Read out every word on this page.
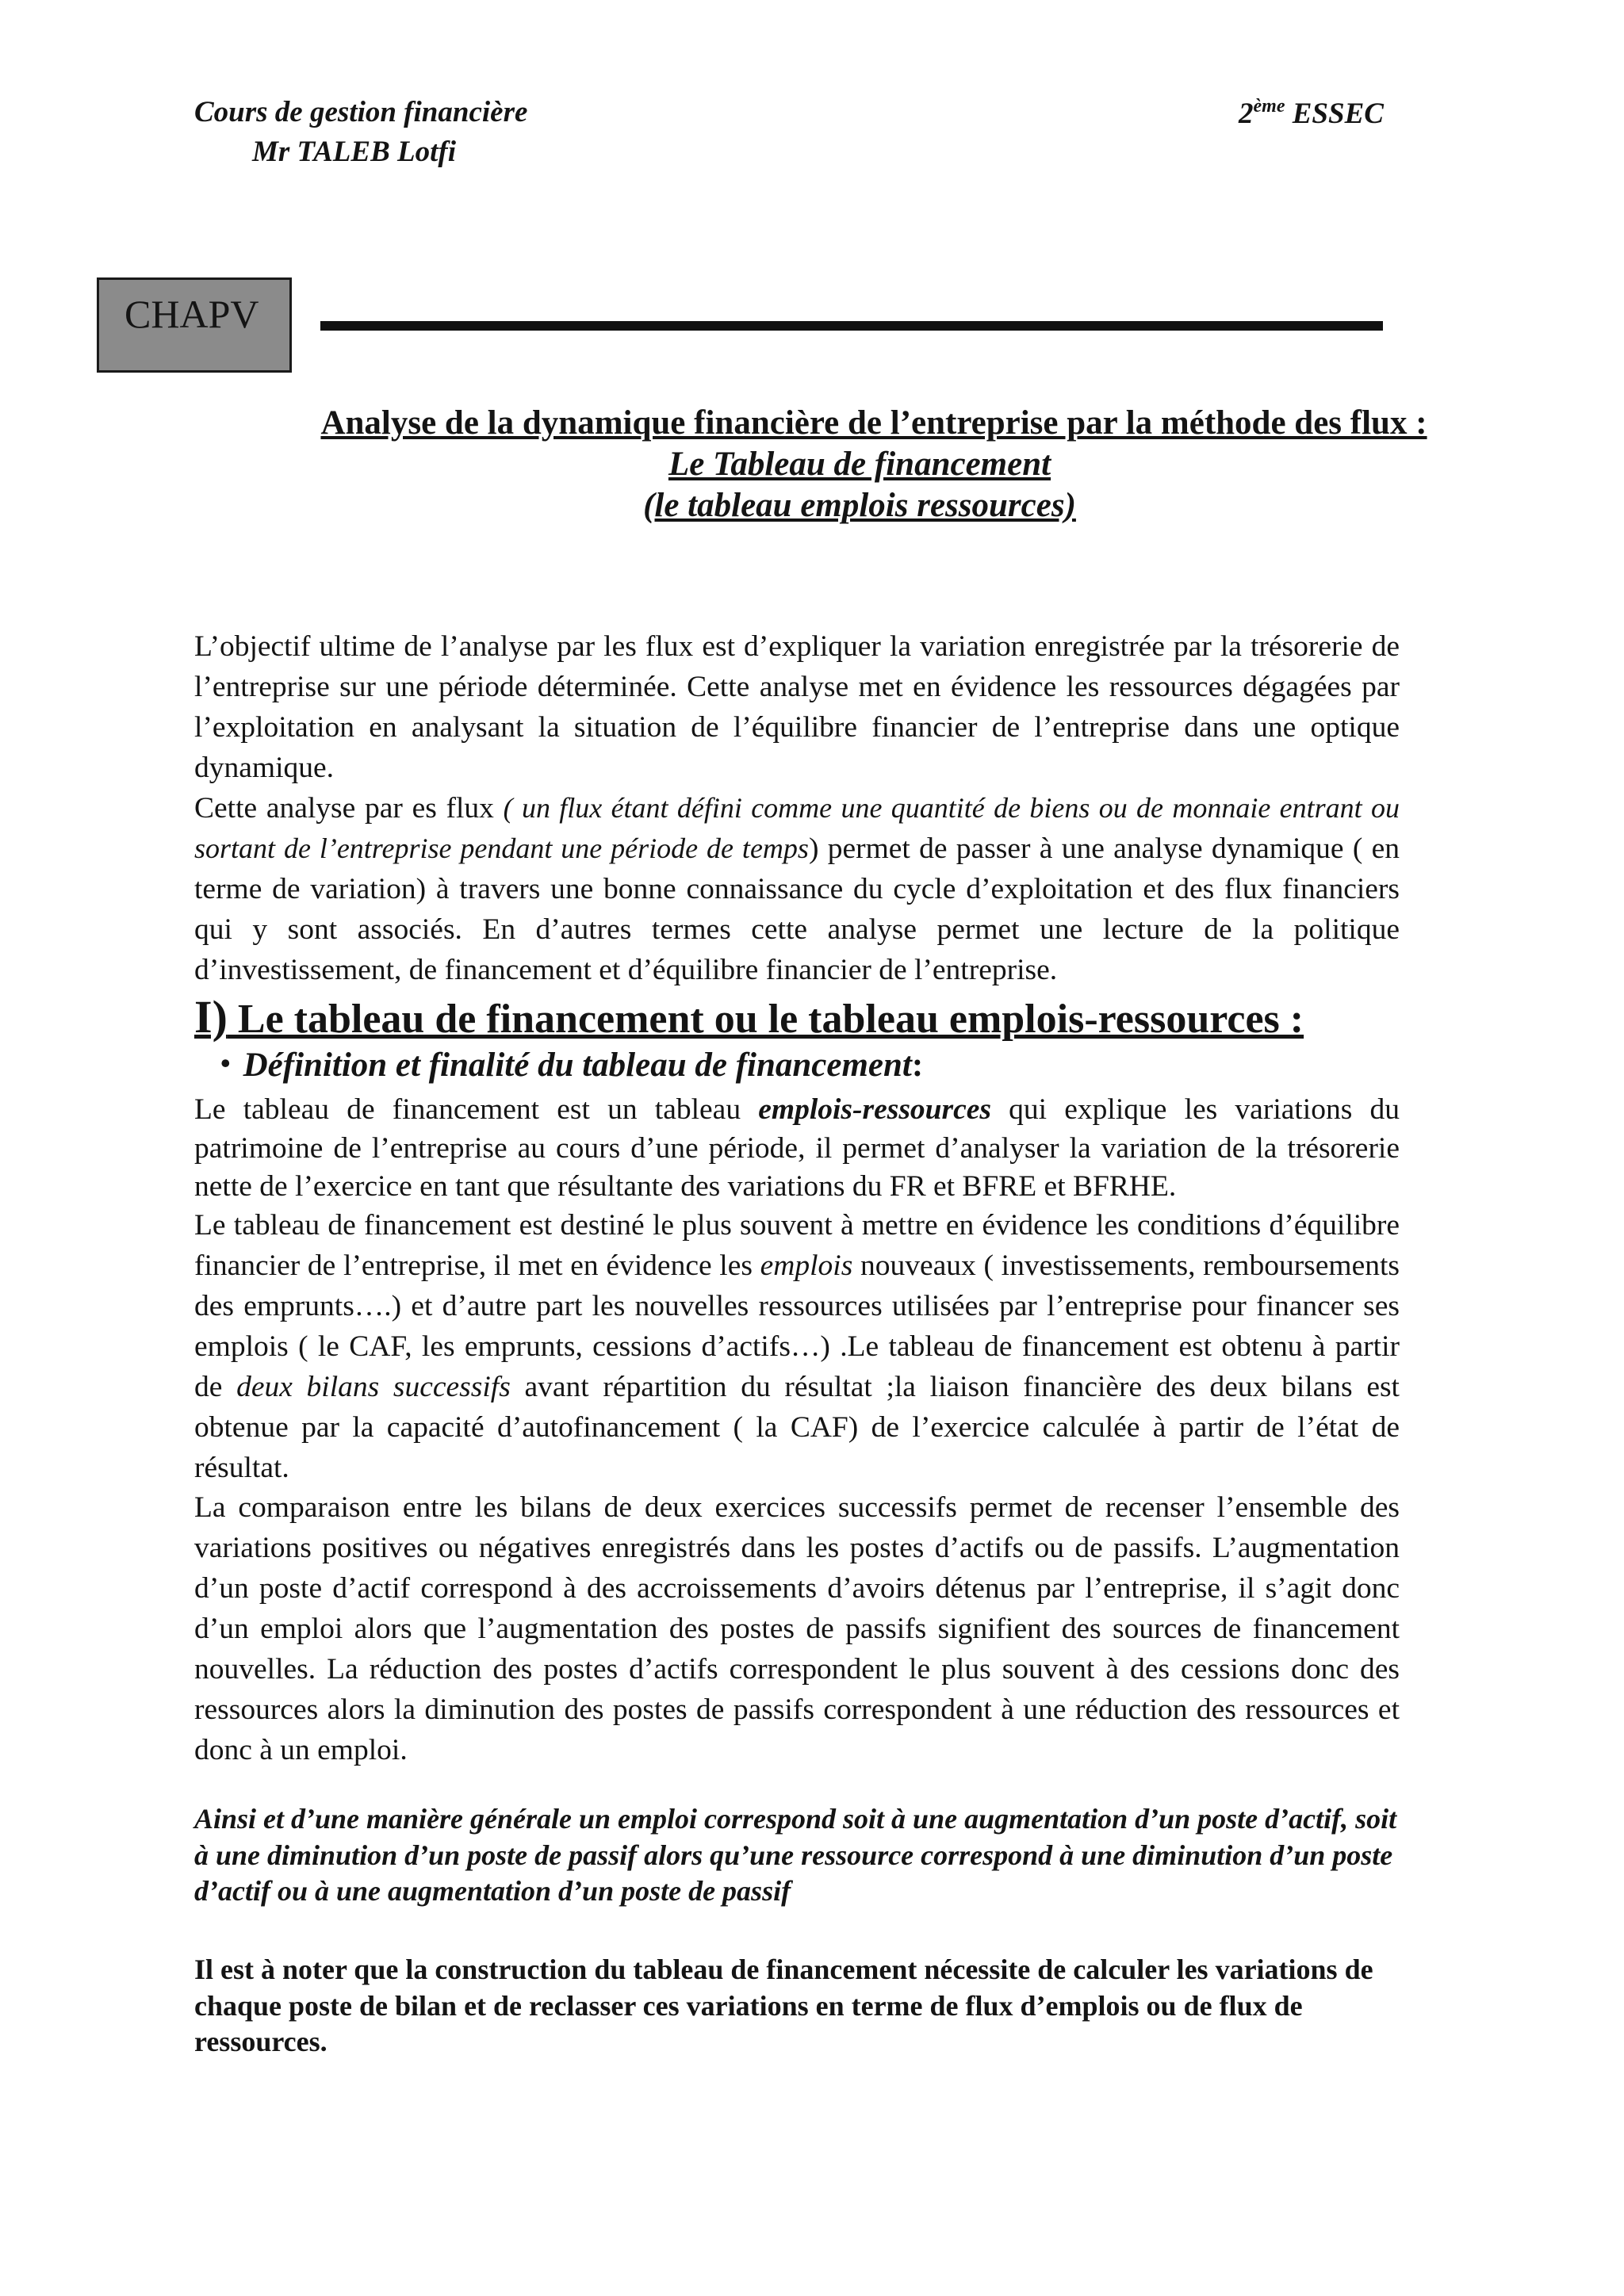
Cours de gestion financière
Mr TALEB Lotfi
2ème ESSEC
CHAPV
Analyse de la dynamique financière de l’entreprise par la méthode des flux :
Le Tableau de financement
(le tableau emplois ressources)
L’objectif ultime de l’analyse par les flux est d’expliquer la variation enregistrée par la trésorerie de l’entreprise sur une période déterminée. Cette analyse met en évidence les ressources dégagées par l’exploitation en analysant la situation de l’équilibre financier de l’entreprise dans une optique dynamique.
Cette analyse par es flux ( un flux étant défini comme une quantité de biens ou de monnaie entrant ou sortant de l’entreprise pendant une période de temps) permet de passer à une analyse dynamique ( en terme de variation) à travers une bonne connaissance du cycle d’exploitation et des flux financiers qui y sont associés. En d’autres termes cette analyse permet une lecture de la politique d’investissement, de financement et d’équilibre financier de l’entreprise.
I) Le tableau de financement ou le tableau emplois-ressources :
• Définition et finalité du tableau de financement:
Le tableau de financement est un tableau emplois-ressources qui explique les variations du patrimoine de l’entreprise au cours d’une période, il permet d’analyser la variation de la trésorerie nette de l’exercice en tant que résultante des variations du FR et BFRE et BFRHE.
Le tableau de financement est destiné le plus souvent à mettre en évidence les conditions d’équilibre financier de l’entreprise, il met en évidence les emplois nouveaux ( investissements, remboursements des emprunts….) et d’autre part les nouvelles ressources utilisées par l’entreprise pour financer ses emplois ( le CAF, les emprunts, cessions d’actifs…) .Le tableau de financement est obtenu à partir de deux bilans successifs avant répartition du résultat ;la liaison financière des deux bilans est obtenue par la capacité d’autofinancement ( la CAF) de l’exercice calculée à partir de l’état de résultat.
La comparaison entre les bilans de deux exercices successifs permet de recenser l’ensemble des variations positives ou négatives enregistrés dans les postes d’actifs ou de passifs. L’augmentation d’un poste d’actif correspond à des accroissements d’avoirs détenus par l’entreprise, il s’agit donc d’un emploi alors que l’augmentation des postes de passifs signifient des sources de financement nouvelles. La réduction des postes d’actifs correspondent le plus souvent à des cessions donc des ressources alors la diminution des postes de passifs correspondent à une réduction des ressources et donc à un emploi.
Ainsi et d’une manière générale un emploi correspond soit à une augmentation d’un poste d’actif, soit à une diminution d’un poste de passif alors qu’une ressource correspond à une diminution d’un poste d’actif ou à une augmentation d’un poste de passif
Il est à noter que la construction du tableau de financement nécessite de calculer les variations de chaque poste de bilan et de reclasser ces variations en terme de flux d’emplois ou de flux de ressources.
